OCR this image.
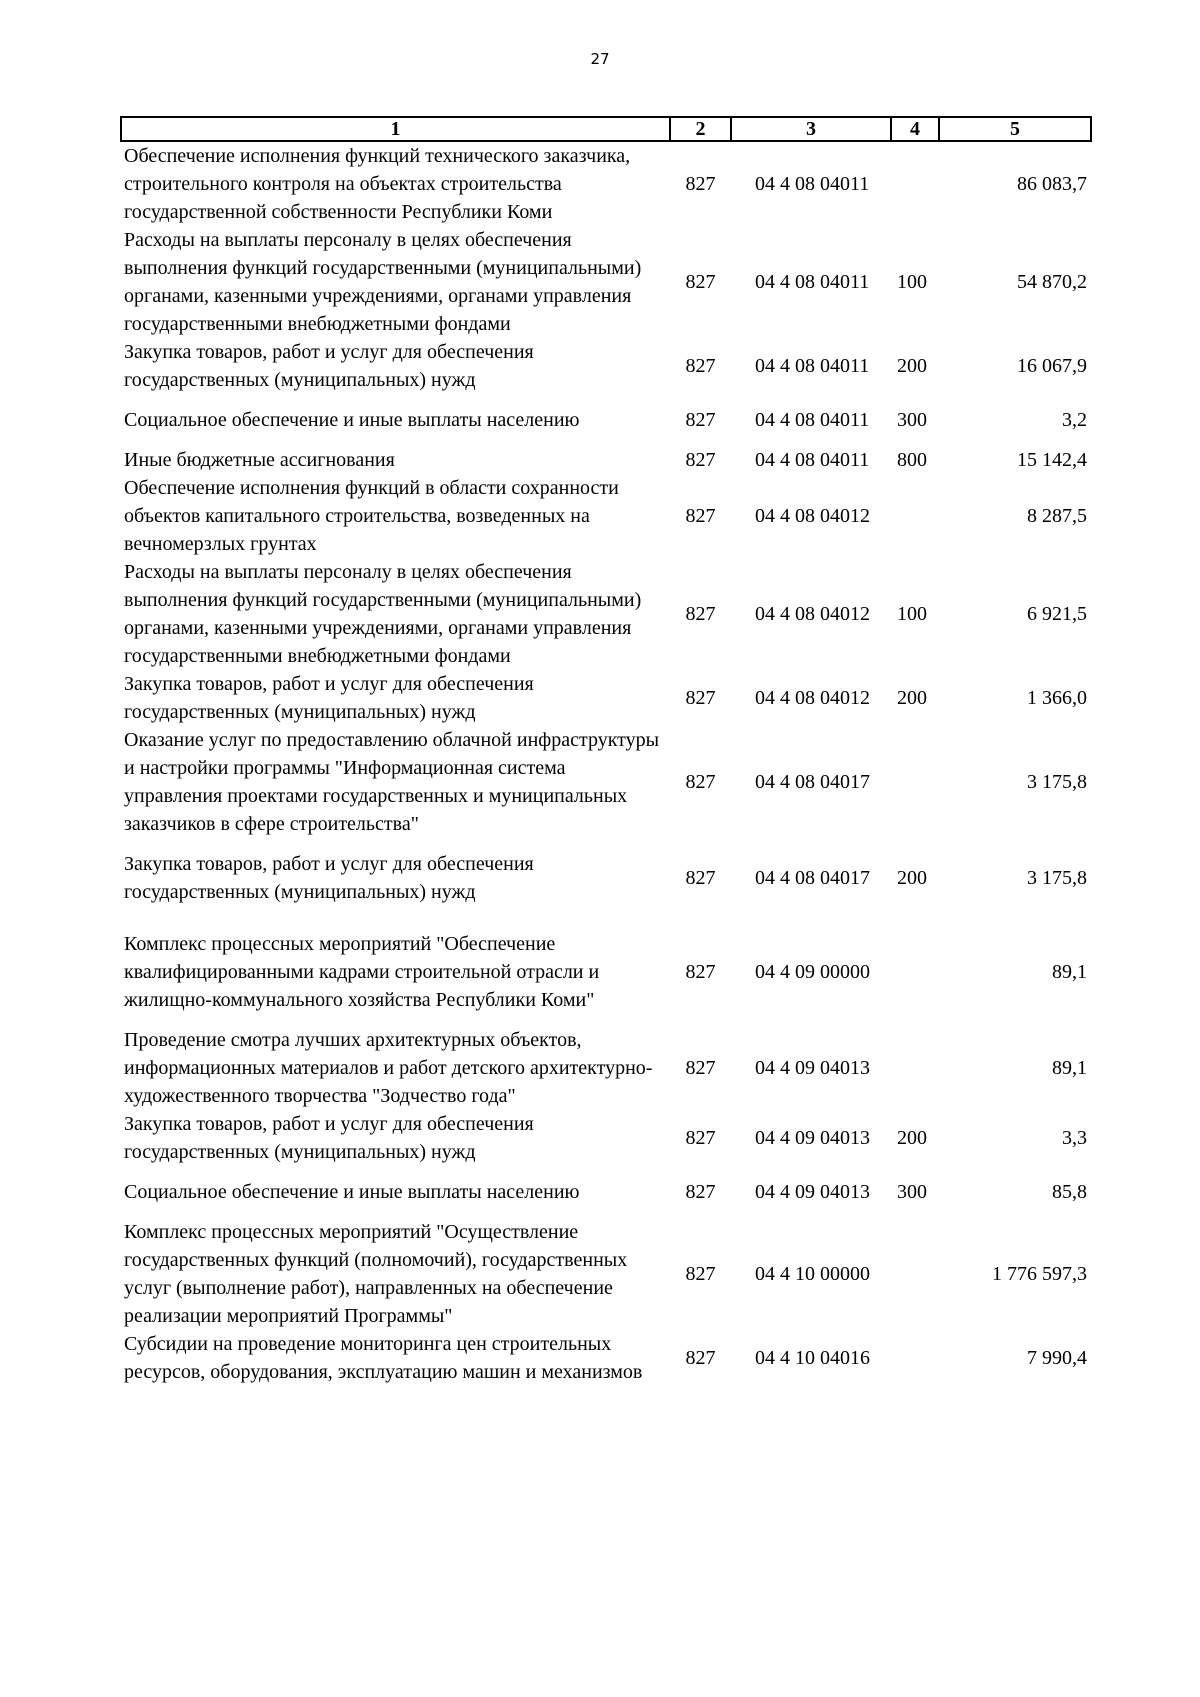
27
1	2	3	4	5
Обеспечение исполнения функций технического заказчика, строительного контроля на объектах строительства государственной собственности Республики Коми	827	04 4 08 04011		86 083,7
Расходы на выплаты персоналу в целях обеспечения выполнения функций государственными (муниципальными) органами, казенными учреждениями, органами управления государственными внебюджетными фондами	827	04 4 08 04011	100	54 870,2
Закупка товаров, работ и услуг для обеспечения государственных (муниципальных) нужд	827	04 4 08 04011	200	16 067,9
Социальное обеспечение и иные выплаты населению	827	04 4 08 04011	300	3,2
Иные бюджетные ассигнования	827	04 4 08 04011	800	15 142,4
Обеспечение исполнения функций в области сохранности объектов капитального строительства, возведенных на вечномерзлых грунтах	827	04 4 08 04012		8 287,5
Расходы на выплаты персоналу в целях обеспечения выполнения функций государственными (муниципальными) органами, казенными учреждениями, органами управления государственными внебюджетными фондами	827	04 4 08 04012	100	6 921,5
Закупка товаров, работ и услуг для обеспечения государственных (муниципальных) нужд	827	04 4 08 04012	200	1 366,0
Оказание услуг по предоставлению облачной инфраструктуры и настройки программы "Информационная система управления проектами государственных и муниципальных заказчиков в сфере строительства"	827	04 4 08 04017		3 175,8
Закупка товаров, работ и услуг для обеспечения государственных (муниципальных) нужд	827	04 4 08 04017	200	3 175,8
Комплекс процессных мероприятий "Обеспечение квалифицированными кадрами строительной отрасли и жилищно-коммунального хозяйства Республики Коми"	827	04 4 09 00000		89,1
Проведение смотра лучших архитектурных объектов, информационных материалов и работ детского архитектурно-художественного творчества "Зодчество года"	827	04 4 09 04013		89,1
Закупка товаров, работ и услуг для обеспечения государственных (муниципальных) нужд	827	04 4 09 04013	200	3,3
Социальное обеспечение и иные выплаты населению	827	04 4 09 04013	300	85,8
Комплекс процессных мероприятий "Осуществление государственных функций (полномочий), государственных услуг (выполнение работ), направленных на обеспечение реализации мероприятий Программы"	827	04 4 10 00000		1 776 597,3
Субсидии на проведение мониторинга цен строительных ресурсов, оборудования, эксплуатацию машин и механизмов	827	04 4 10 04016		7 990,4
